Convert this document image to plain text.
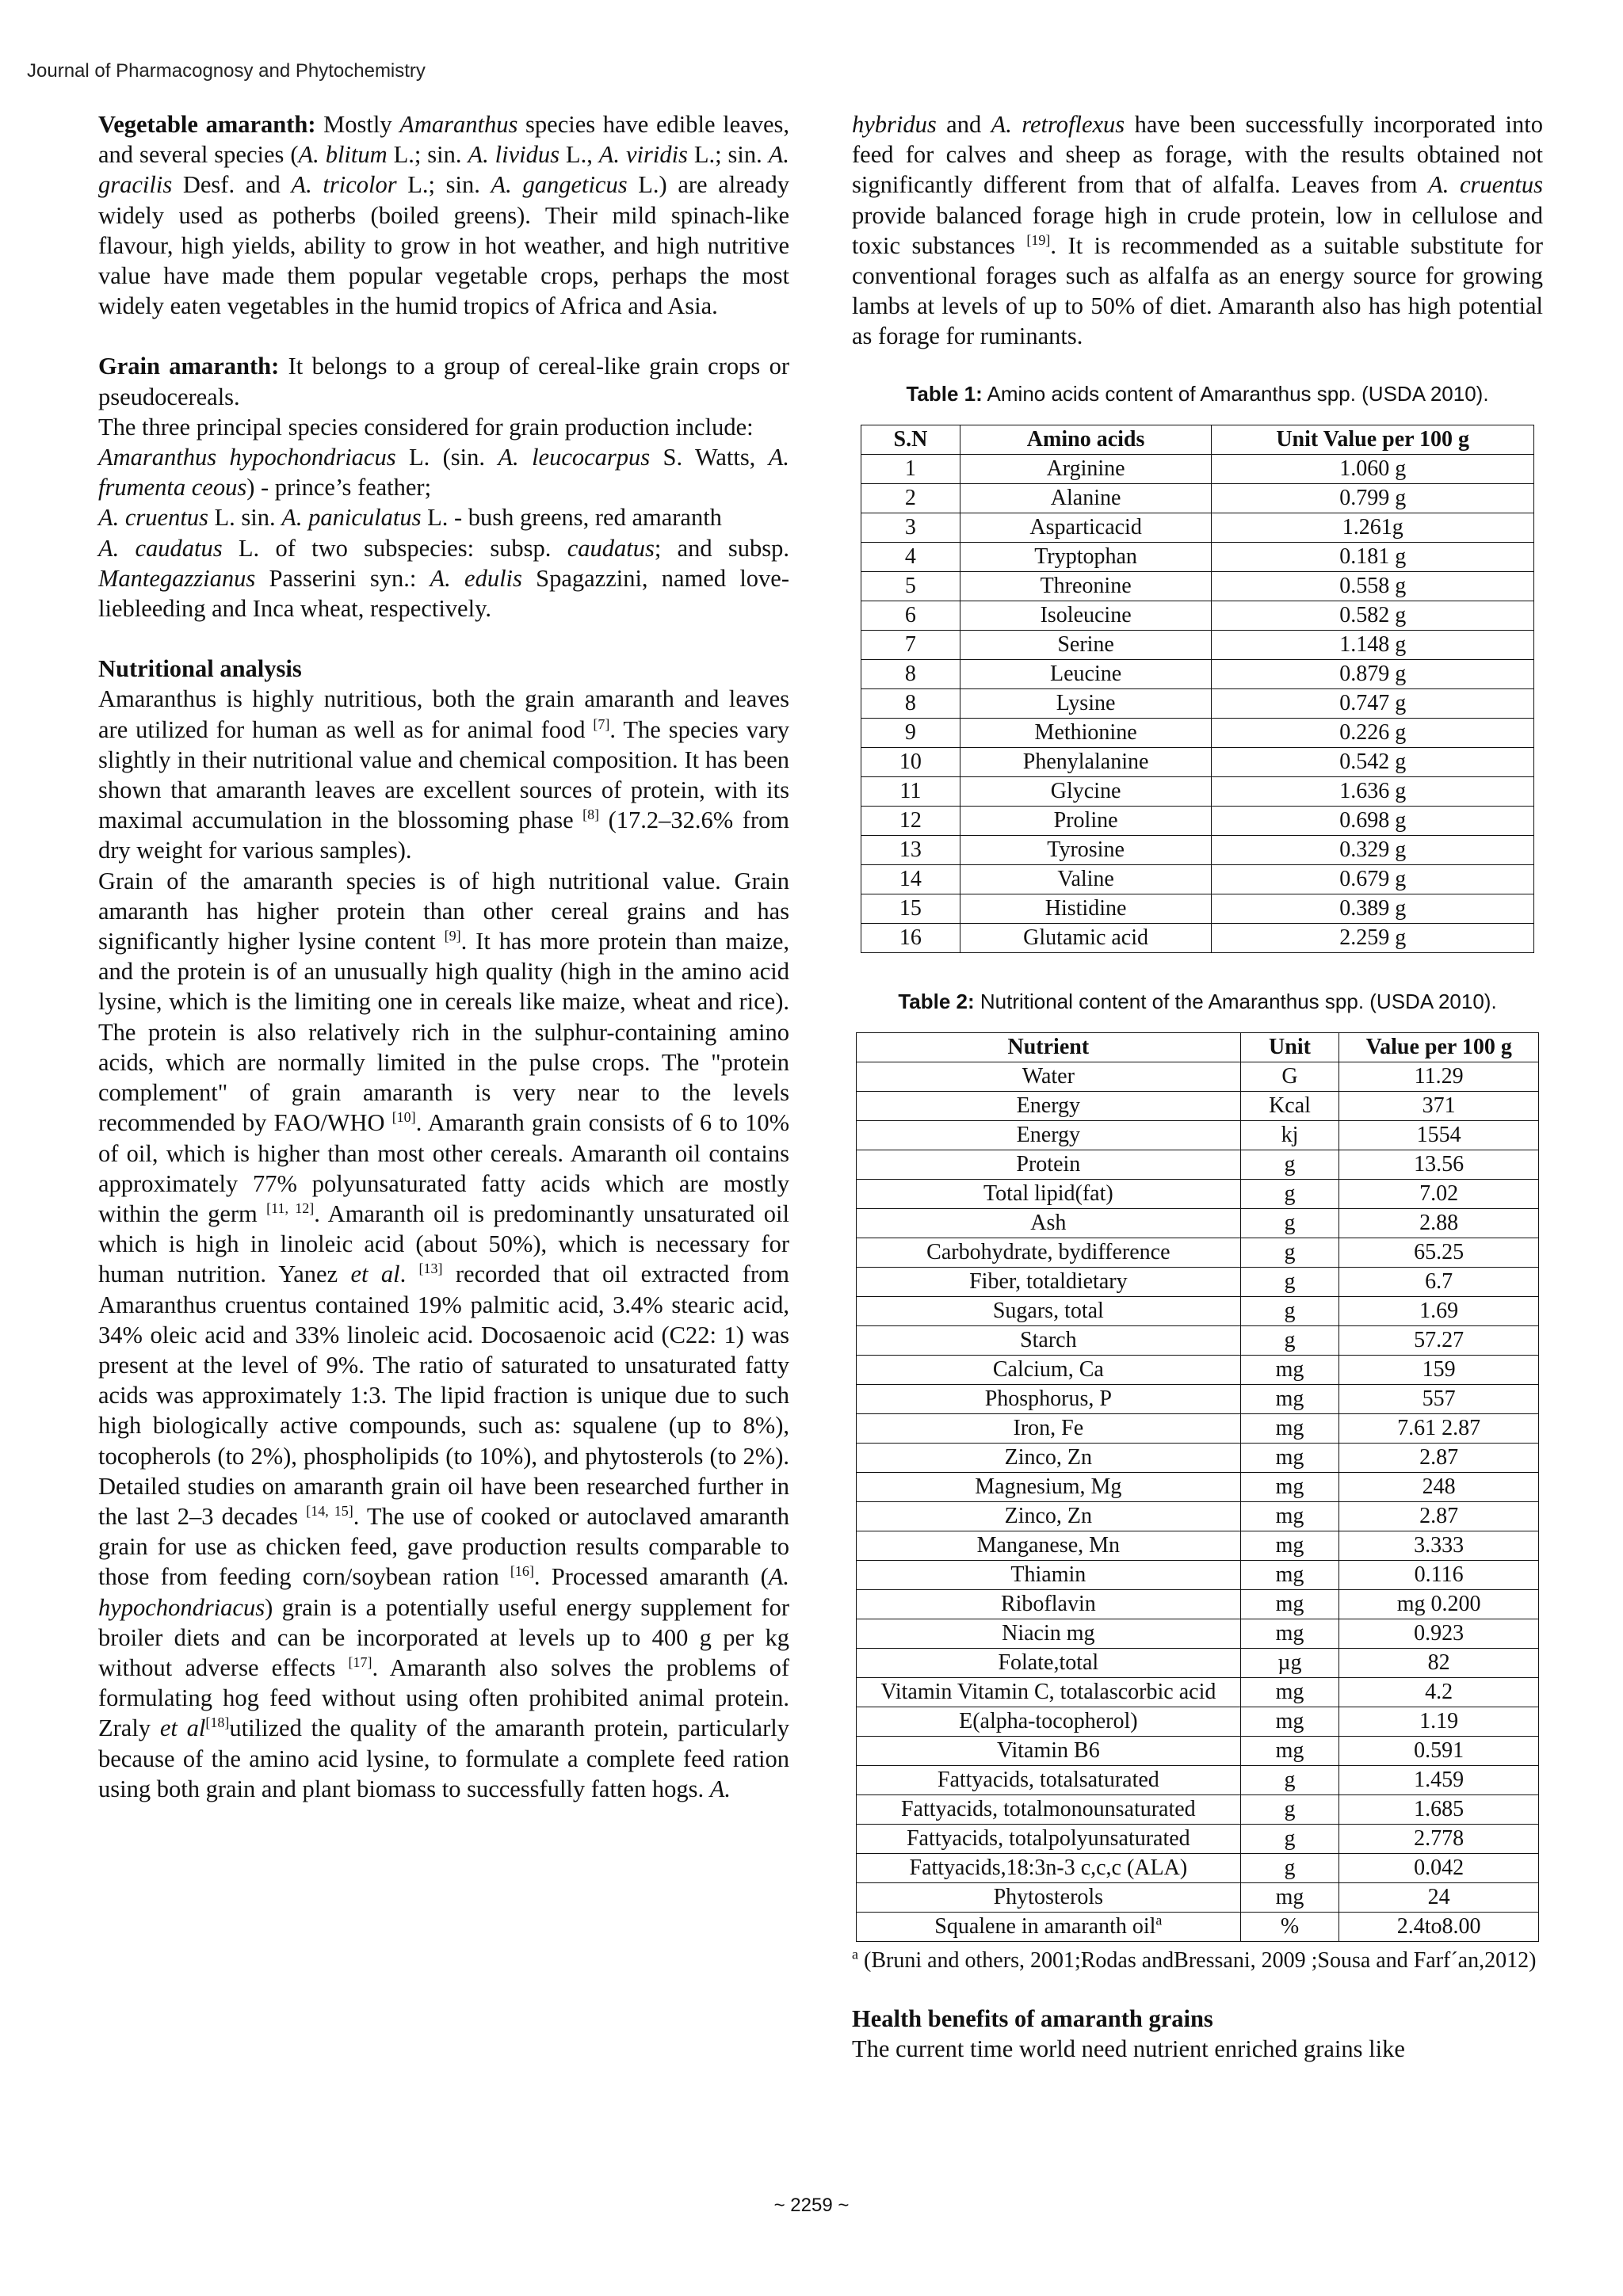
Journal of Pharmacognosy and Phytochemistry

Vegetable amaranth: Mostly Amaranthus species have edible leaves, and several species (A. blitum L.; sin. A. lividus L., A. viridis L.; sin. A. gracilis Desf. and A. tricolor L.; sin. A. gangeticus L.) are already widely used as potherbs (boiled greens). Their mild spinach-like flavour, high yields, ability to grow in hot weather, and high nutritive value have made them popular vegetable crops, perhaps the most widely eaten vegetables in the humid tropics of Africa and Asia.

Grain amaranth: It belongs to a group of cereal-like grain crops or pseudocereals.

The three principal species considered for grain production include:

Amaranthus hypochondriacus L. (sin. A. leucocarpus S. Watts, A. frumenta ceous) - prince’s feather;

A. cruentus L. sin. A. paniculatus L. - bush greens, red amaranth

A. caudatus L. of two subspecies: subsp. caudatus; and subsp. Mantegazzianus Passerini syn.: A. edulis Spagazzini, named love-liebleeding and Inca wheat, respectively.

Nutritional analysis

Amaranthus is highly nutritious, both the grain amaranth and leaves are utilized for human as well as for animal food [7]. The species vary slightly in their nutritional value and chemical composition. It has been shown that amaranth leaves are excellent sources of protein, with its maximal accumulation in the blossoming phase [8] (17.2–32.6% from dry weight for various samples).

Grain of the amaranth species is of high nutritional value. Grain amaranth has higher protein than other cereal grains and has significantly higher lysine content [9]. It has more protein than maize, and the protein is of an unusually high quality (high in the amino acid lysine, which is the limiting one in cereals like maize, wheat and rice). The protein is also relatively rich in the sulphur-containing amino acids, which are normally limited in the pulse crops. The "protein complement" of grain amaranth is very near to the levels recommended by FAO/WHO [10]. Amaranth grain consists of 6 to 10% of oil, which is higher than most other cereals. Amaranth oil contains approximately 77% polyunsaturated fatty acids which are mostly within the germ [11, 12]. Amaranth oil is predominantly unsaturated oil which is high in linoleic acid (about 50%), which is necessary for human nutrition. Yanez et al. [13] recorded that oil extracted from Amaranthus cruentus contained 19% palmitic acid, 3.4% stearic acid, 34% oleic acid and 33% linoleic acid. Docosaenoic acid (C22: 1) was present at the level of 9%. The ratio of saturated to unsaturated fatty acids was approximately 1:3. The lipid fraction is unique due to such high biologically active compounds, such as: squalene (up to 8%), tocopherols (to 2%), phospholipids (to 10%), and phytosterols (to 2%). Detailed studies on amaranth grain oil have been researched further in the last 2–3 decades [14, 15]. The use of cooked or autoclaved amaranth grain for use as chicken feed, gave production results comparable to those from feeding corn/soybean ration [16]. Processed amaranth (A. hypochondriacus) grain is a potentially useful energy supplement for broiler diets and can be incorporated at levels up to 400 g per kg without adverse effects [17]. Amaranth also solves the problems of formulating hog feed without using often prohibited animal protein. Zraly et al[18]utilized the quality of the amaranth protein, particularly because of the amino acid lysine, to formulate a complete feed ration using both grain and plant biomass to successfully fatten hogs. A.

hybridus and A. retroflexus have been successfully incorporated into feed for calves and sheep as forage, with the results obtained not significantly different from that of alfalfa. Leaves from A. cruentus provide balanced forage high in crude protein, low in cellulose and toxic substances [19]. It is recommended as a suitable substitute for conventional forages such as alfalfa as an energy source for growing lambs at levels of up to 50% of diet. Amaranth also has high potential as forage for ruminants.

Table 1: Amino acids content of Amaranthus spp. (USDA 2010).

S.N	Amino acids	Unit Value per 100 g
1	Arginine	1.060 g
2	Alanine	0.799 g
3	Asparticacid	1.261g
4	Tryptophan	0.181 g
5	Threonine	0.558 g
6	Isoleucine	0.582 g
7	Serine	1.148 g
8	Leucine	0.879 g
8	Lysine	0.747 g
9	Methionine	0.226 g
10	Phenylalanine	0.542 g
11	Glycine	1.636 g
12	Proline	0.698 g
13	Tyrosine	0.329 g
14	Valine	0.679 g
15	Histidine	0.389 g
16	Glutamic acid	2.259 g

Table 2: Nutritional content of the Amaranthus spp. (USDA 2010).

Nutrient	Unit	Value per 100 g
Water	G	11.29
Energy	Kcal	371
Energy	kj	1554
Protein	g	13.56
Total lipid(fat)	g	7.02
Ash	g	2.88
Carbohydrate, bydifference	g	65.25
Fiber, totaldietary	g	6.7
Sugars, total	g	1.69
Starch	g	57.27
Calcium, Ca	mg	159
Phosphorus, P	mg	557
Iron, Fe	mg	7.61 2.87
Zinco, Zn	mg	2.87
Magnesium, Mg	mg	248
Zinco, Zn	mg	2.87
Manganese, Mn	mg	3.333
Thiamin	mg	0.116
Riboflavin	mg	mg 0.200
Niacin mg	mg	0.923
Folate,total	µg	82
Vitamin Vitamin C, totalascorbic acid	mg	4.2
E(alpha-tocopherol)	mg	1.19
Vitamin B6	mg	0.591
Fattyacids, totalsaturated	g	1.459
Fattyacids, totalmonounsaturated	g	1.685
Fattyacids, totalpolyunsaturated	g	2.778
Fattyacids,18:3n-3 c,c,c (ALA)	g	0.042
Phytosterols	mg	24
Squalene in amaranth oil$^a$	%	2.4to8.00

$^a$ (Bruni and others, 2001;Rodas andBressani, 2009 ;Sousa and Farf´an,2012)

Health benefits of amaranth grains

The current time world need nutrient enriched grains like

~ 2259 ~
